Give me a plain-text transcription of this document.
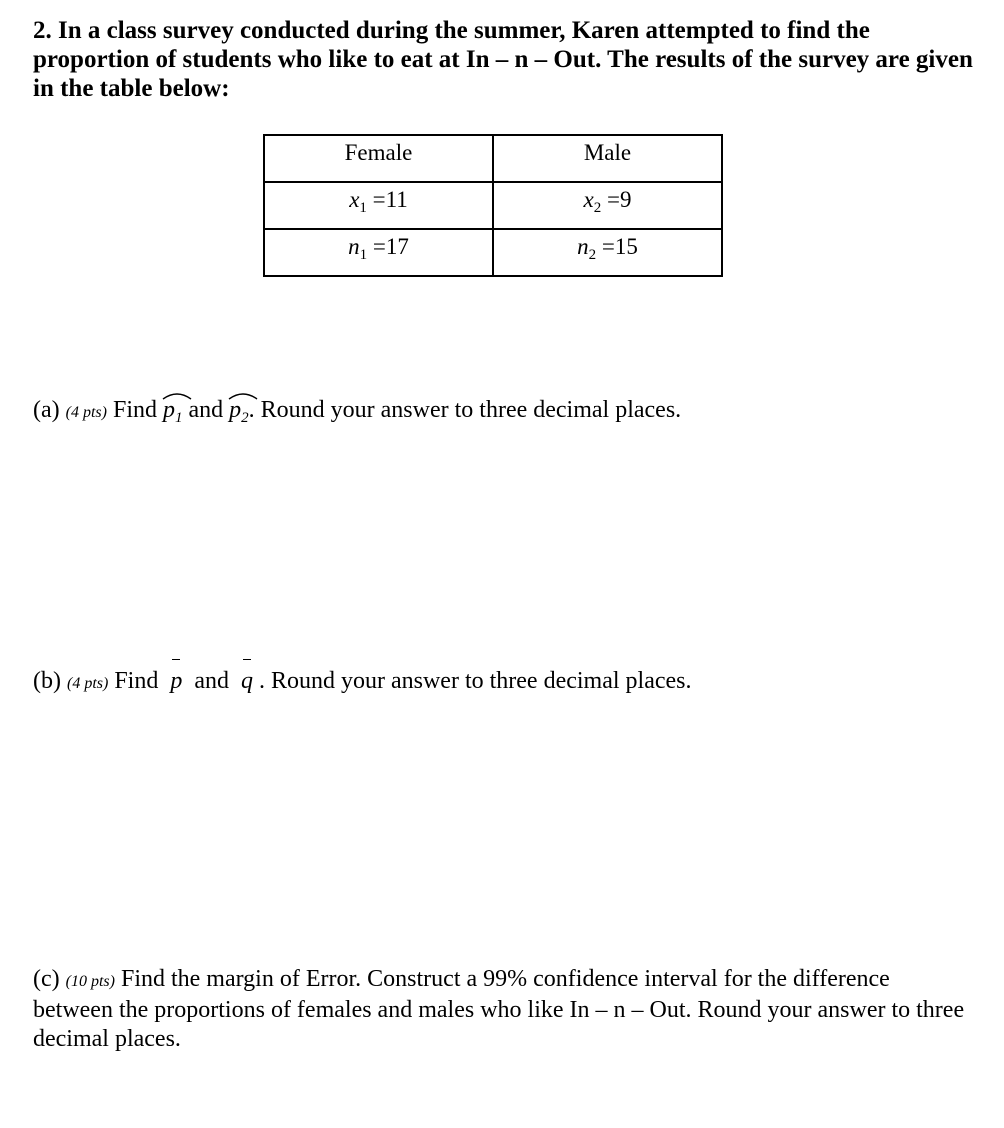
2. In a class survey conducted during the summer, Karen attempted to find the proportion of students who like to eat at In – n – Out. The results of the survey are given in the table below:

Female	Male
$x_1 =11$	$x_2 =9$
$n_1 =17$	$n_2 =15$
(a) (4 pts) Find $p_1$ and $p_2$. Round your answer to three decimal places.
(b) (4 pts) Find p and q . Round your answer to three decimal places.
(c) (10 pts) Find the margin of Error. Construct a 99% confidence interval for the difference between the proportions of females and males who like In – n – Out. Round your answer to three decimal places.
